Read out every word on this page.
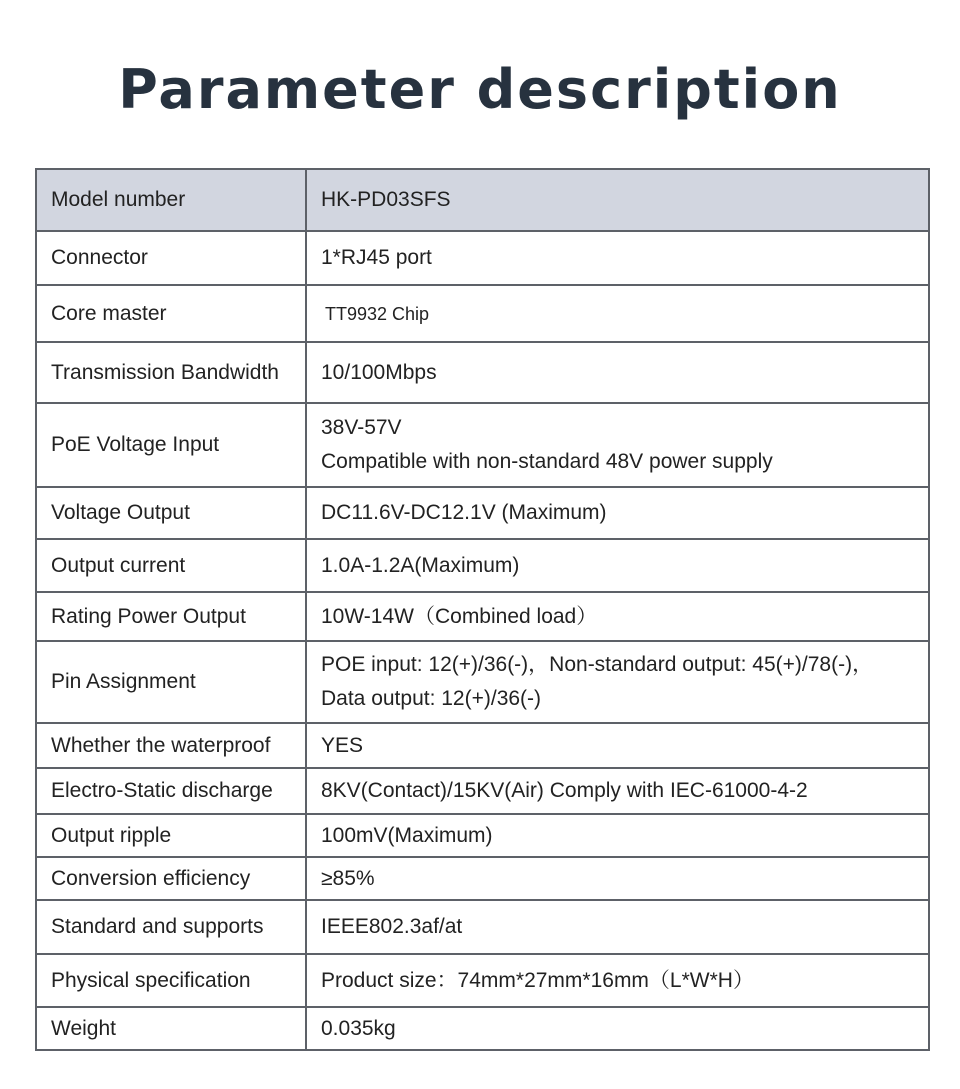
Parameter description
Model number	HK-PD03SFS
Connector	1*RJ45 port
Core master	TT9932 Chip
Transmission Bandwidth	10/100Mbps
PoE Voltage Input	38V-57V
Compatible with non-standard 48V power supply

Voltage Output	DC11.6V-DC12.1V (Maximum)
Output current	1.0A-1.2A(Maximum)
Rating Power Output	10W-14W（Combined load）
Pin Assignment	POE input: 12(+)/36(-)，Non-standard output: 45(+)/78(-)，
Data output: 12(+)/36(-)

Whether the waterproof	YES
Electro-Static discharge	8KV(Contact)/15KV(Air) Comply with IEC-61000-4-2
Output ripple	100mV(Maximum)
Conversion efficiency	≥85%
Standard and supports	IEEE802.3af/at
Physical specification	Product size：74mm*27mm*16mm（L*W*H）
Weight	0.035kg
